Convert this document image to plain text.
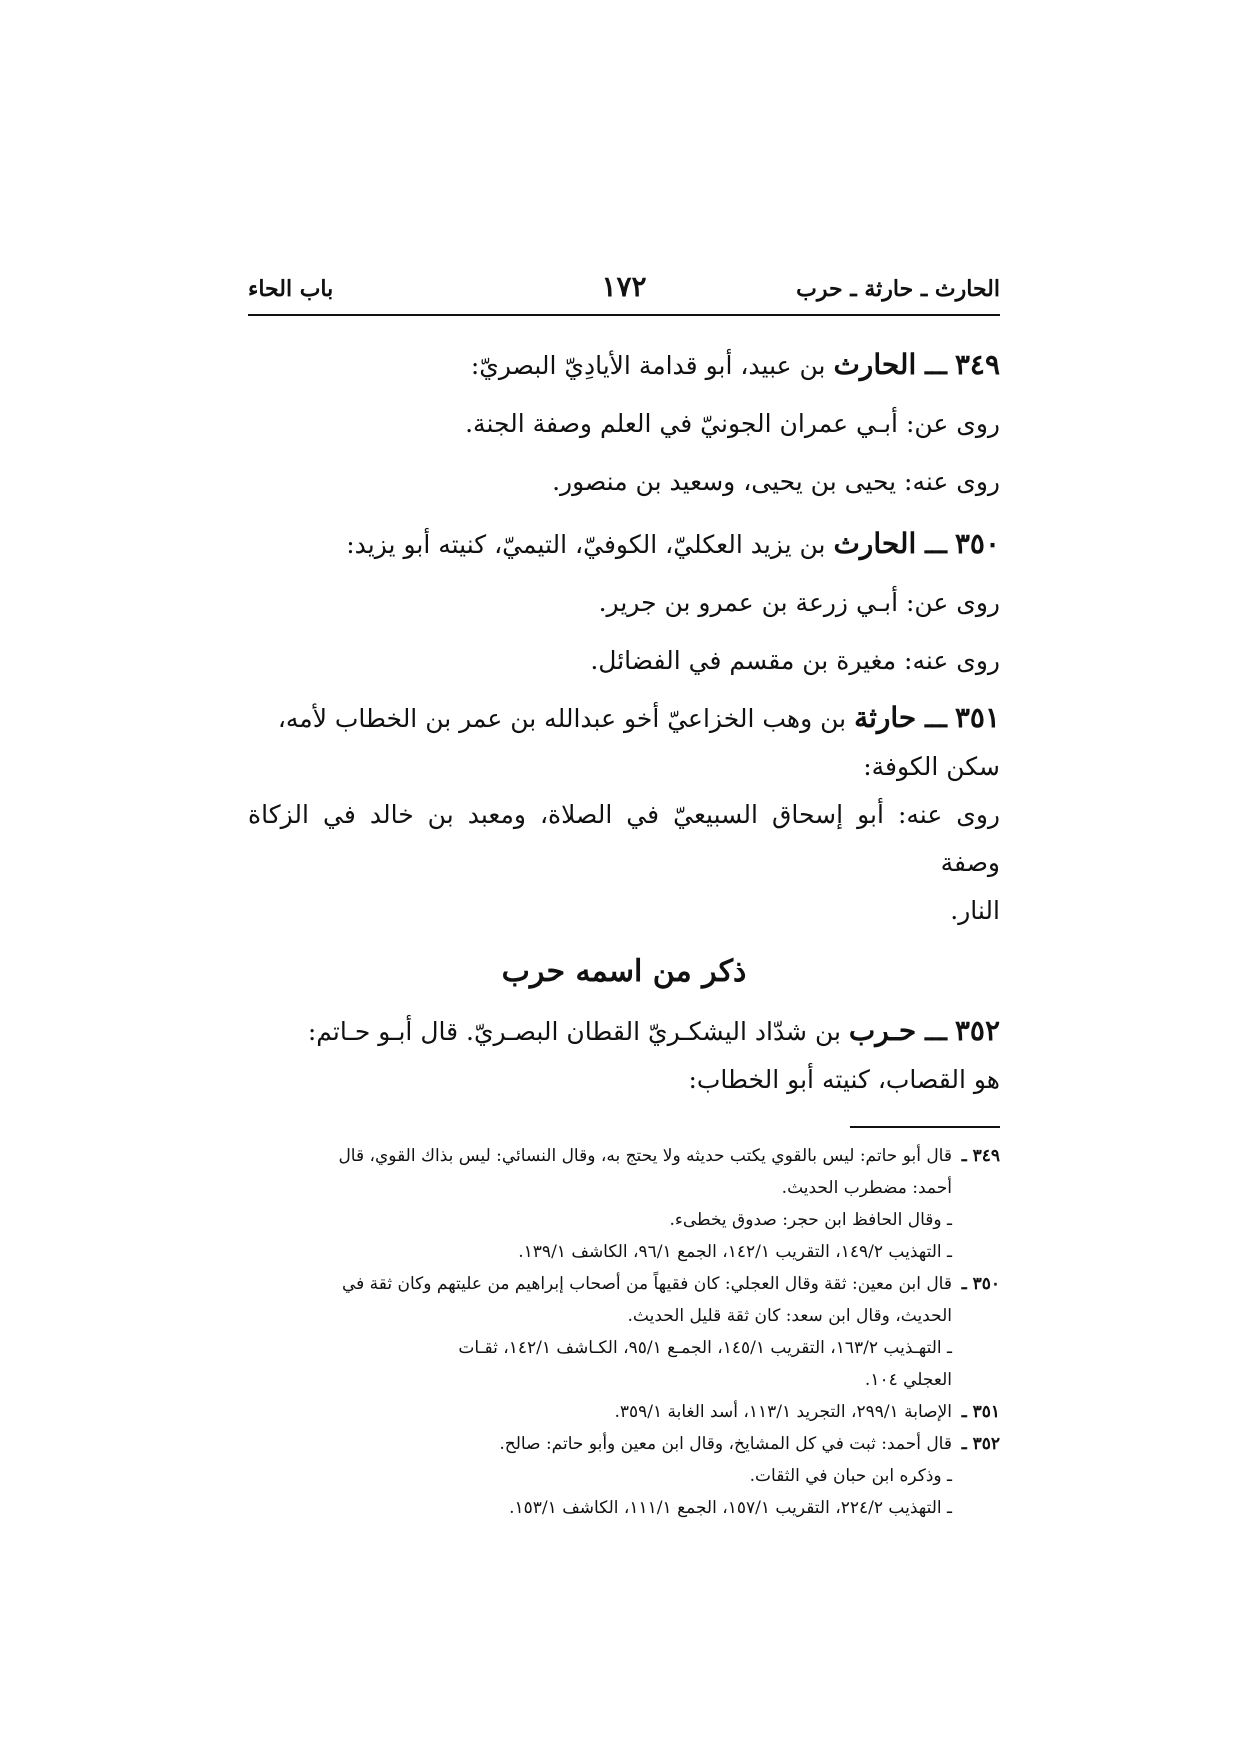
الحارث ـ حارثة ـ حرب
١٧٢
باب الحاء
٣٤٩ ـــ الحارث بن عبيد، أبو قدامة الأيادِيّ البصريّ:
روى عن: أبـي عمران الجونيّ في العلم وصفة الجنة.
روى عنه: يحيى بن يحيى، وسعيد بن منصور.
٣٥٠ ـــ الحارث بن يزيد العكليّ، الكوفيّ، التيميّ، كنيته أبو يزيد:
روى عن: أبـي زرعة بن عمرو بن جرير.
روى عنه: مغيرة بن مقسم في الفضائل.
٣٥١ ـــ حارثة بن وهب الخزاعيّ أخو عبدالله بن عمر بن الخطاب لأمه،
سكن الكوفة:
روى عنه: أبو إسحاق السبيعيّ في الصلاة، ومعبد بن خالد في الزكاة وصفة
النار.
ذكر من اسمه حرب
٣٥٢ ـــ حـرب بن شدّاد اليشكـريّ القطان البصـريّ. قال أبـو حـاتم:
هو القصاب، كنيته أبو الخطاب:
٣٤٩ ـ
قال أبو حاتم: ليس بالقوي يكتب حديثه ولا يحتج به، وقال النسائي: ليس بذاك القوي، قال
أحمد: مضطرب الحديث.
ـ وقال الحافظ ابن حجر: صدوق يخطىء.
ـ التهذيب ١٤٩/٢، التقريب ١٤٢/١، الجمع ٩٦/١، الكاشف ١٣٩/١.
٣٥٠ ـ
قال ابن معين: ثقة وقال العجلي: كان فقيهاً من أصحاب إبراهيم من عليتهم وكان ثقة في
الحديث، وقال ابن سعد: كان ثقة قليل الحديث.
ـ التهـذيب ١٦٣/٢، التقريب ١٤٥/١، الجمـع ٩٥/١، الكـاشف ١٤٢/١، ثقـات
العجلي ١٠٤.
٣٥١ ـ
الإصابة ٢٩٩/١، التجريد ١١٣/١، أسد الغابة ٣٥٩/١.
٣٥٢ ـ
قال أحمد: ثبت في كل المشايخ، وقال ابن معين وأبو حاتم: صالح.
ـ وذكره ابن حبان في الثقات.
ـ التهذيب ٢٢٤/٢، التقريب ١٥٧/١، الجمع ١١١/١، الكاشف ١٥٣/١.
